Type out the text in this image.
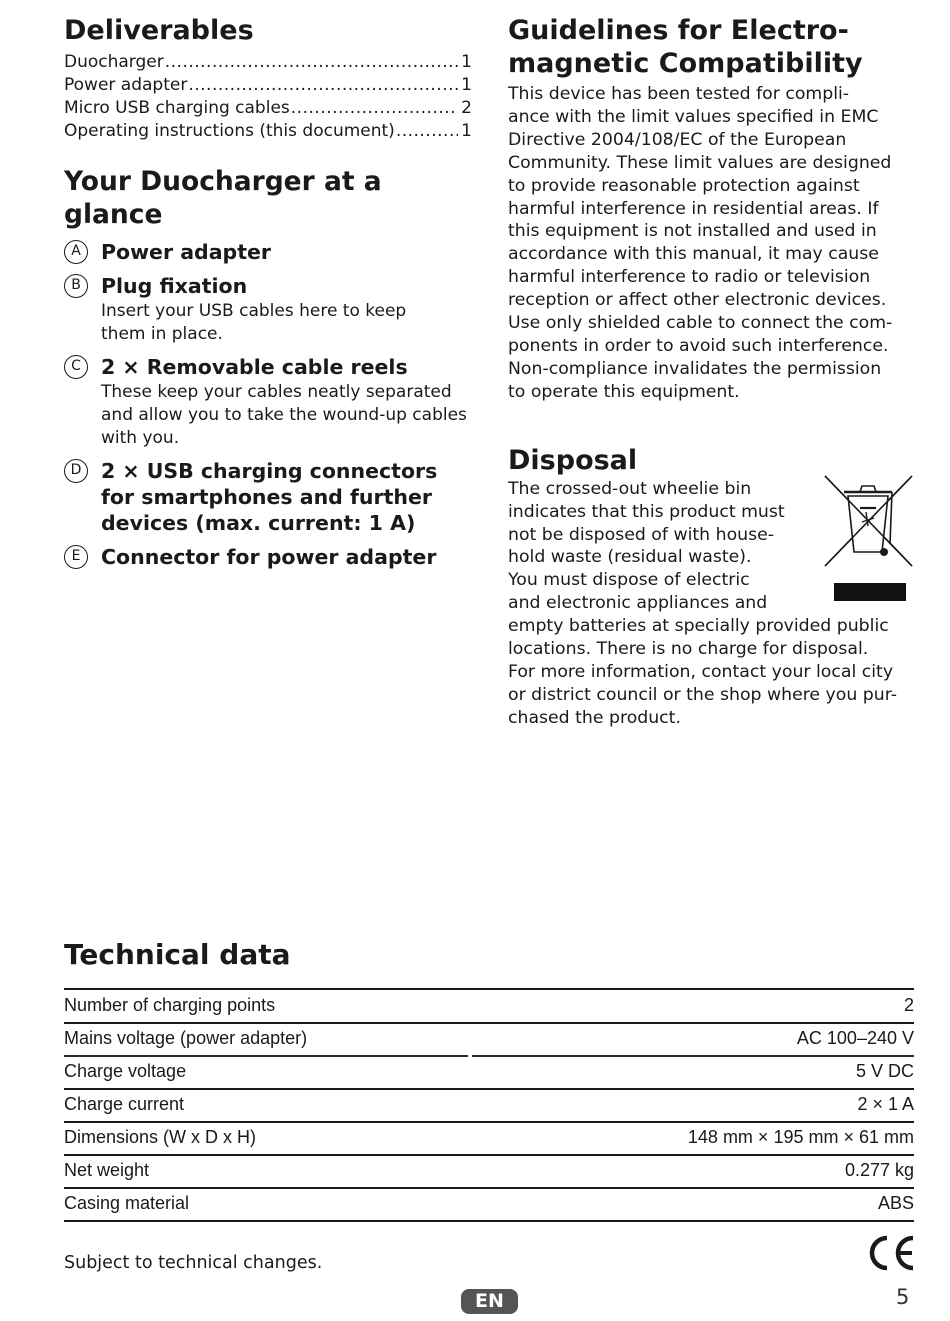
Deliverables
Duocharger .....	1
Power adapter .....	1
Micro USB charging cables .....	2
Operating instructions (this document) .....	1
Your Duocharger at a glance
A Power adapter
B Plug fixation
Insert your USB cables here to keep them in place.
C 2 × Removable cable reels
These keep your cables neatly separated and allow you to take the wound-up cables with you.
D 2 × USB charging connectors for smartphones and further devices (max. current: 1 A)
E	Connector for power adapter
Guidelines for Electro-
magnetic Compatibility

This device has been tested for compli-

ance with the limit values specified in EMC

Directive 2004/108/EC of the European

Community. These limit values are designed

to provide reasonable protection against

harmful interference in residential areas. If

this equipment is not installed and used in

accordance with this manual, it may cause

harmful interference to radio or television

reception or affect other electronic devices.

Use only shielded cable to connect the com-

ponents in order to avoid such interference.

Non-compliance invalidates the permission

to operate this equipment.

Disposal
The crossed-out wheelie bin
indicates that this product must
not be disposed of with house-
hold waste (residual waste).
You must dispose of electric
and electronic appliances and
empty batteries at specially provided public
locations. There is no charge for disposal.
For more information, contact your local city
or district council or the shop where you pur-
chased the product.
Technical data
Number of charging points	2
Mains voltage (power adapter)	AC 100–240 V
Charge voltage	5 V DC
Charge current	2 × 1 A
Dimensions (W x D x H)	148 mm × 195 mm × 61 mm
Net weight	0.277 kg
Casing material	ABS
Subject to technical changes.
EN	5
